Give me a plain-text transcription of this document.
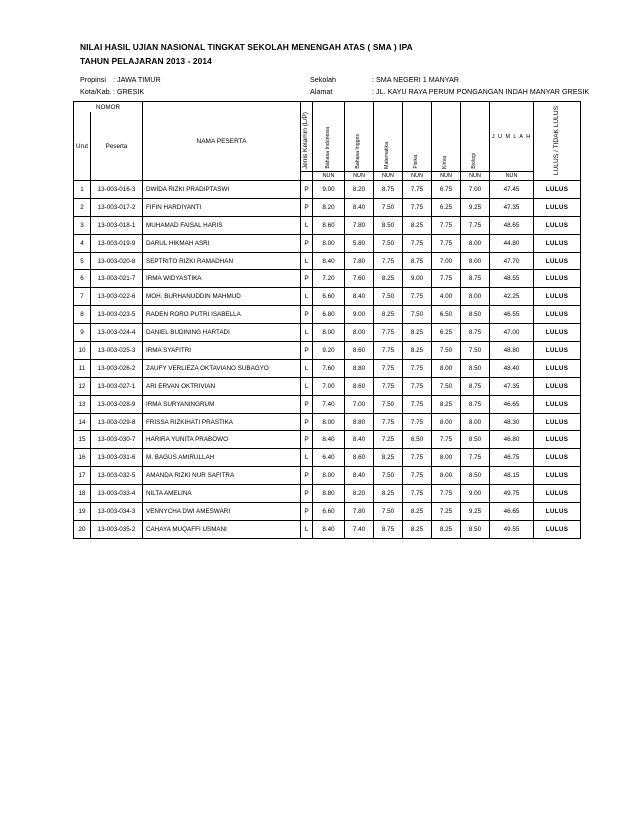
NILAI HASIL UJIAN NASIONAL TINGKAT SEKOLAH MENENGAH ATAS ( SMA ) IPA
TAHUN PELAJARAN 2013 - 2014
Propinsi : JAWA TIMUR
Kota/Kab. : GRESIK
Sekolah	: SMA NEGERI 1 MANYAR
Alamat	: JL. KAYU RAYA PERUM PONGANGAN INDAH MANYAR GRESIK
NOMOR		NAMA PESERTA	Jenis Kelamin (L/P)	Bahasa Indonesia	Bahasa Inggris	Matematika	Fisika	Kimia	Biologi	J U M L A H	LULUS / TIDAK LULUS

Urut	Peserta										
				NUN	NUN	NUN	NUN	NUN	NUN	NUN	
1	13-003-016-3	DWIDA RIZKI PRADIPTASWI	P	9.00	8.20	8.75	7.75	6.75	7.00	47.45	LULUS
2	13-003-017-2	FIFIN HARDIYANTI	P	8.20	8.40	7.50	7.75	6.25	9.25	47.35	LULUS
3	13-003-018-1	MUHAMAD FAISAL HARIS	L	8.60	7.80	8.50	8.25	7.75	7.75	48.65	LULUS
4	13-003-019-9	DARUL HIKMAH ASRI	P	8.00	5.80	7.50	7.75	7.75	8.00	44.80	LULUS
5	13-003-020-8	SEPTRITO RIZKI RAMADHAN	L	8.40	7.80	7.75	8.75	7.00	8.00	47.70	LULUS
6	13-003-021-7	IRMA WIDYASTIKA	P	7.20	7.60	8.25	9.00	7.75	8.75	48.55	LULUS
7	13-003-022-6	MOH. BURHANUDDIN MAHMUD	L	6.60	8.40	7.50	7.75	4.00	8.00	42.25	LULUS
8	13-003-023-5	RADEN RORO PUTRI ISABELLA	P	6.80	9.00	8.25	7.50	6.50	8.50	46.55	LULUS
9	13-003-024-4	DANIEL BUDINING HARTADI	L	8.00	8.00	7.75	8.25	6.25	8.75	47.00	LULUS
10	13-003-025-3	IRMA SYAFITRI	P	9.20	8.60	7.75	8.25	7.50	7.50	48.80	LULUS
11	13-003-026-2	ZAUFY VERLIEZA OKTAVIANO SUBAGYO	L	7.60	8.80	7.75	7.75	8.00	8.50	48.40	LULUS
12	13-003-027-1	ARI ERVAN OKTRIVIAN	L	7.00	8.60	7.75	7.75	7.50	8.75	47.35	LULUS
13	13-003-028-9	IRMA SURYANINGRUM	P	7.40	7.00	7.50	7.75	8.25	8.75	46.65	LULUS
14	13-003-029-8	FRISSA RIZKIHATI PRASTIKA	P	8.00	8.80	7.75	7.75	8.00	8.00	48.30	LULUS
15	13-003-030-7	HARIRA YUNITA PRABOWO	P	8.40	8.40	7.25	6.50	7.75	8.50	46.80	LULUS
16	13-003-031-6	M. BAGUS AMIRULLAH	L	6.40	8.60	8.25	7.75	8.00	7.75	46.75	LULUS
17	13-003-032-5	AMANDA RIZKI NUR SAFITRA	P	8.00	8.40	7.50	7.75	8.00	8.50	48.15	LULUS
18	13-003-033-4	NILTA AMELINA	P	8.80	8.20	8.25	7.75	7.75	9.00	49.75	LULUS
19	13-003-034-3	VENNYCHA DWI AMESWARI	P	6.60	7.80	7.50	8.25	7.25	9.25	46.65	LULUS
20	13-003-035-2	CAHAYA MUQAFFI USMANI	L	8.40	7.40	8.75	8.25	8.25	8.50	49.55	LULUS
